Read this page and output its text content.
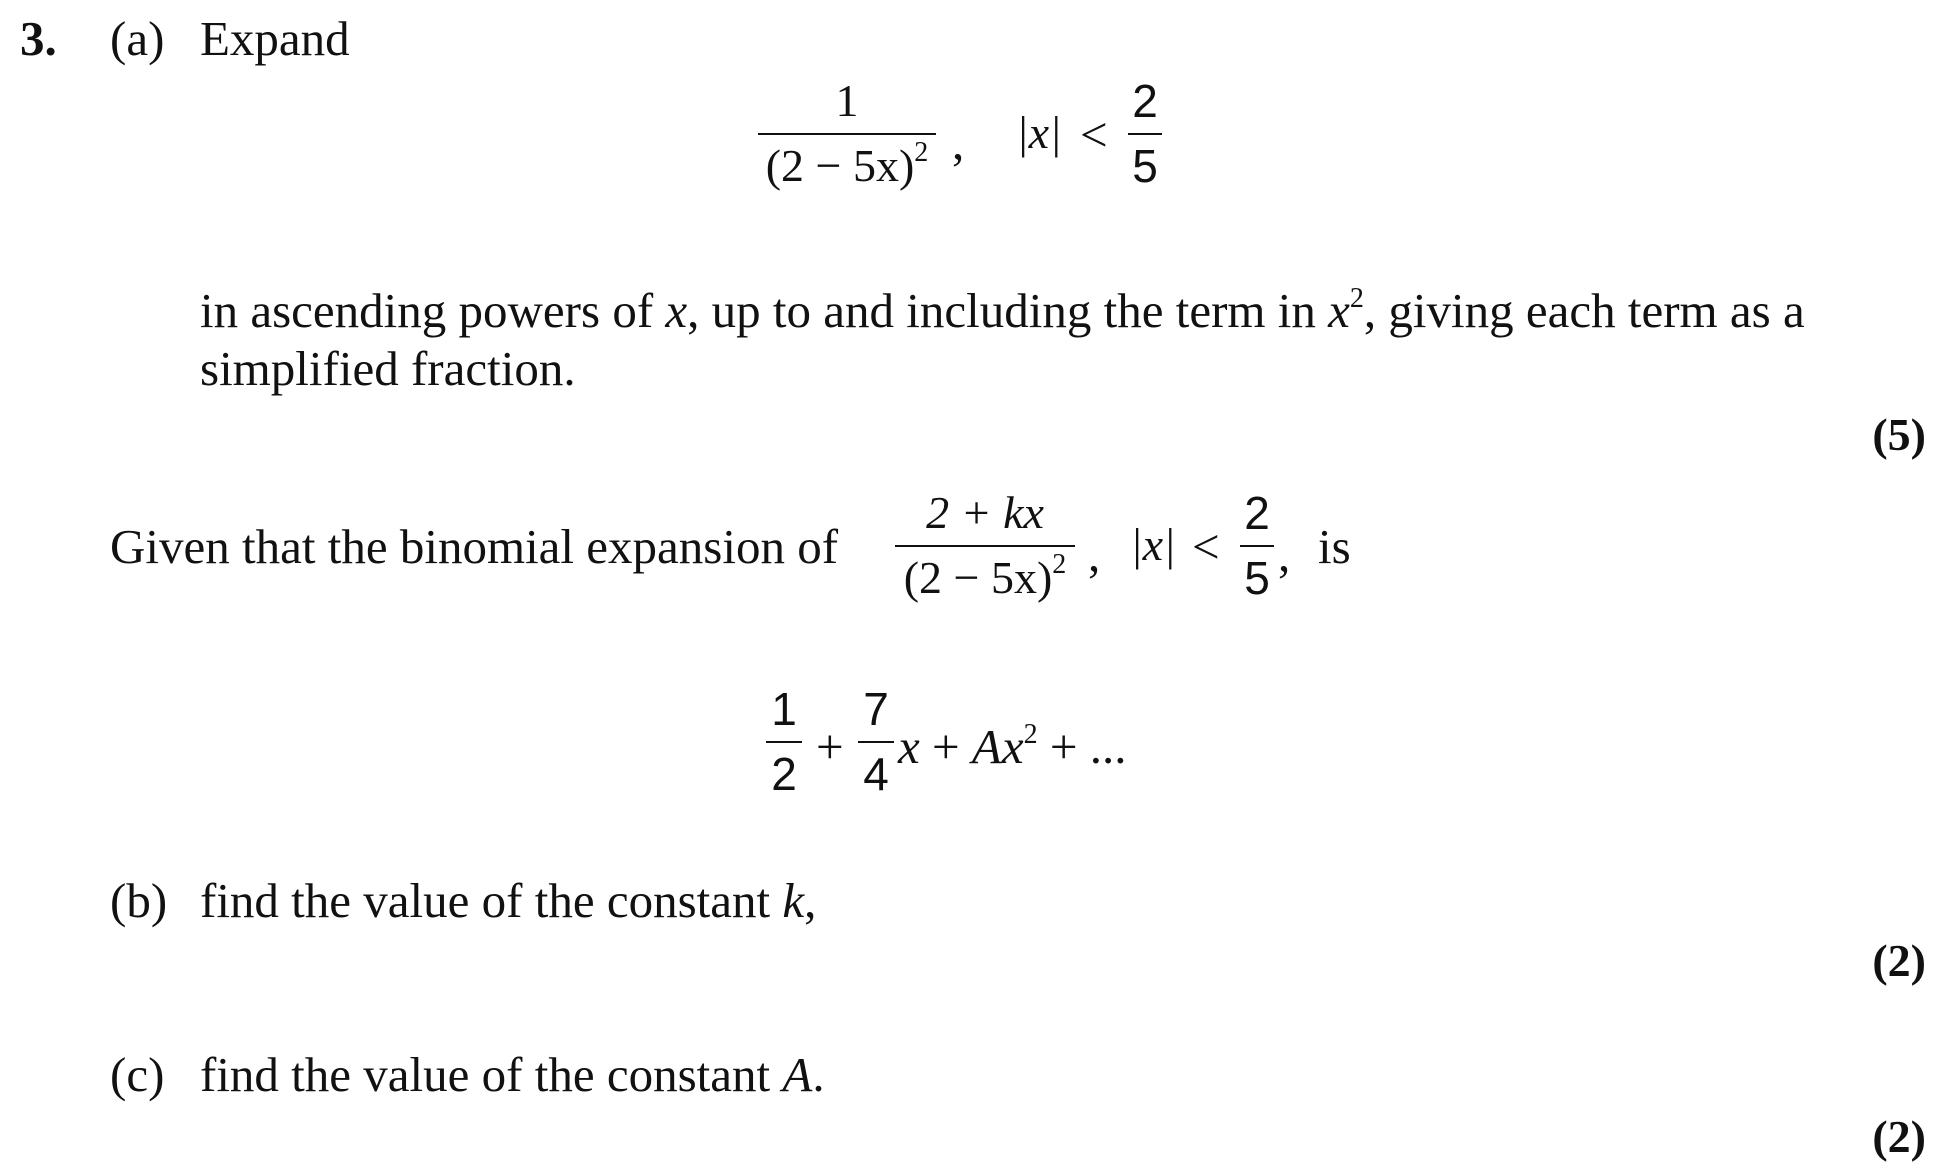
3. (a) Expand
1
$(2 - 5x)^2$ , |x| <
2
5
in ascending powers of x, up to and including the term in $x^2$, giving each term as a
simplified fraction.
(5)
Given that the binomial expansion of
2 + kx
$(2 - 5x)^2$ , |x| <
2
5 , is
1
2 +
7
4 $x + Ax^2$ + ...
(b) find the value of the constant k,
(2)
(c) find the value of the constant A.
(2)
